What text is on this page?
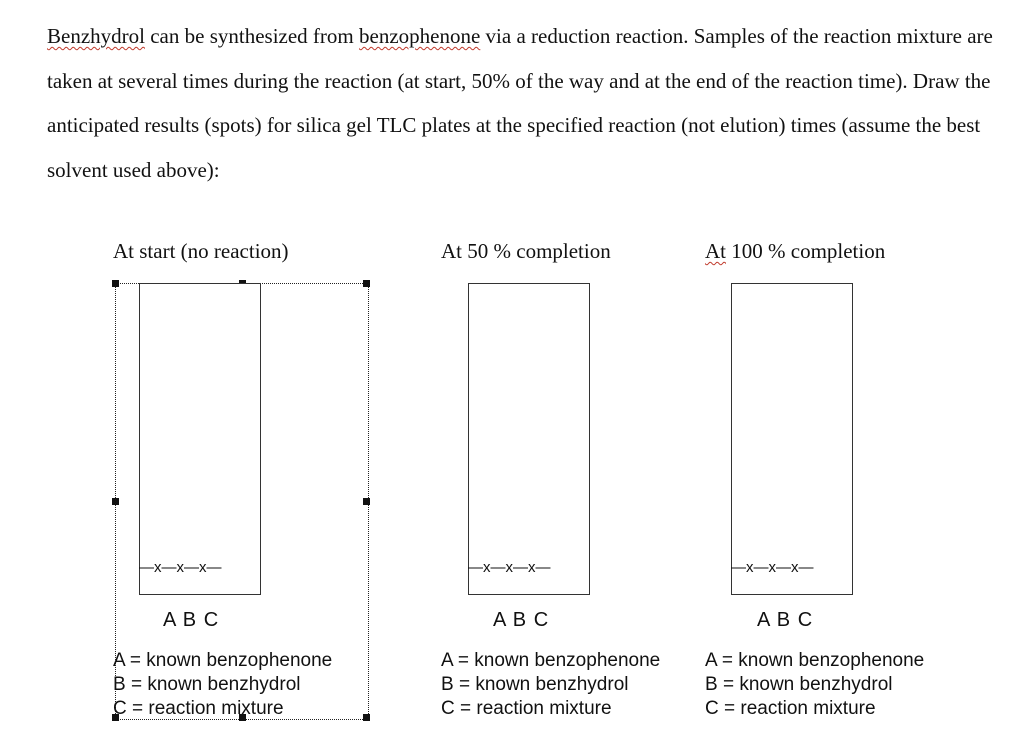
Benzhydrol can be synthesized from benzophenone via a reduction reaction. Samples of the reaction mixture are taken at several times during the reaction (at start, 50% of the way and at the end of the reaction time). Draw the anticipated results (spots) for silica gel TLC plates at the specified reaction (not elution) times (assume the best solvent used above):

At start (no reaction)
—x—x—x—
A B C
A = known benzophenone
B = known benzhydrol
C = reaction mixture
At 50 % completion
—x—x—x—
A B C
A = known benzophenone
B = known benzhydrol
C = reaction mixture
At 100 % completion
—x—x—x—
A B C
A = known benzophenone
B = known benzhydrol
C = reaction mixture
